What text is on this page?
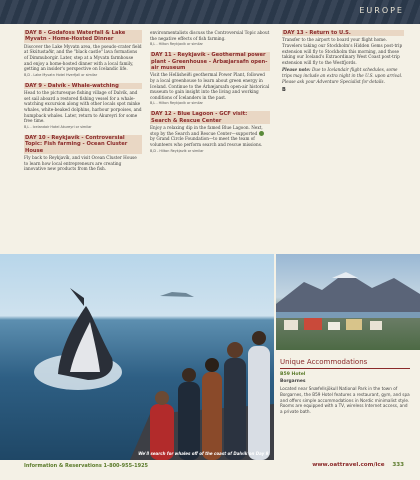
EUROPE
DAY 8 - Godafoss Waterfall & Lake Myvatn - Home-Hosted Dinner
Discover the Lake Myvatn area, the pseudo-crater field at Skútustaðir, and the "black castle" lava formations of Dimmuborgir. Later, step at a Myvatn farmhouse and enjoy a home-hosted dinner with a local family, getting an insider's perspective on Icelandic life.
B,D - Lake Myvatn Hotel Hverfjall or similar
DAY 9 - Dalvík - Whale-watching
Head to the picturesque fishing village of Dalvík, and set sail aboard a restored fishing vessel for a whale-watching excursion along with other locals spot minke whales, white-beaked dolphins, harbour porpoises, and humpback whales. Later, return to Akureyri for some free time.
B,L - Icelandair Hotel Akureyri or similar
DAY 10 - Reykjavík - Controversial Topic: Fish farming - Ocean Cluster House
Fly back to Reykjavík, and visit Ocean Cluster House to learn how local entrepreneurs are creating innovative new products from the fish.
environmentalists discuss the Controversial Topic about the negative effects of fish farming.
B,L - Hilton Reykjavík or similar
DAY 11 - Reykjavík - Geothermal power plant - Greenhouse - Árbæjarsafn open-air museum
Visit the Hellisheiði geothermal Power Plant, followed by a local greenhouse to learn about green energy in Iceland. Continue to the Árbæjarsafn open-air historical museum to gain insight into the living and working conditions of Icelanders in the past.
B,L - Hilton Reykjavík or similar
DAY 12 - Blue Lagoon - GCF visit: Search & Rescue Center
Enjoy a relaxing dip in the famed Blue Lagoon. Next, stop by the Search and Rescue Center—supported  by Grand Circle Foundation—to meet the team of volunteers who perform search and rescue missions.
B,D - Hilton Reykjavík or similar
DAY 13 - Return to U.S.
Transfer to the airport to board your flight home. Travelers taking our Stockholm's Hidden Gems post-trip extension will fly to Stockholm this morning, and those taking our Iceland's Extraordinary West Coast post-trip extension will fly to the Westfjords.
Please note: Due to Icelandair flight schedules, some trips may include an extra night in the U.S. upon arrival. Please ask your Adventure Specialist for details.
B
We'll search for whales off of the coast of Dalvík on Day 9.
Unique Accommodations
B59 Hotel
Borgarnes
Located near Snæfellsjökull National Park in the town of Borgarnes, the B59 Hotel features a restaurant, gym, and spa and offers simple accommodations in Nordic minimalist style. Rooms are equipped with a TV, wireless Internet access, and a private bath.
Information & Reservations 1-800-955-1925	www.oattravel.com/ice 333
